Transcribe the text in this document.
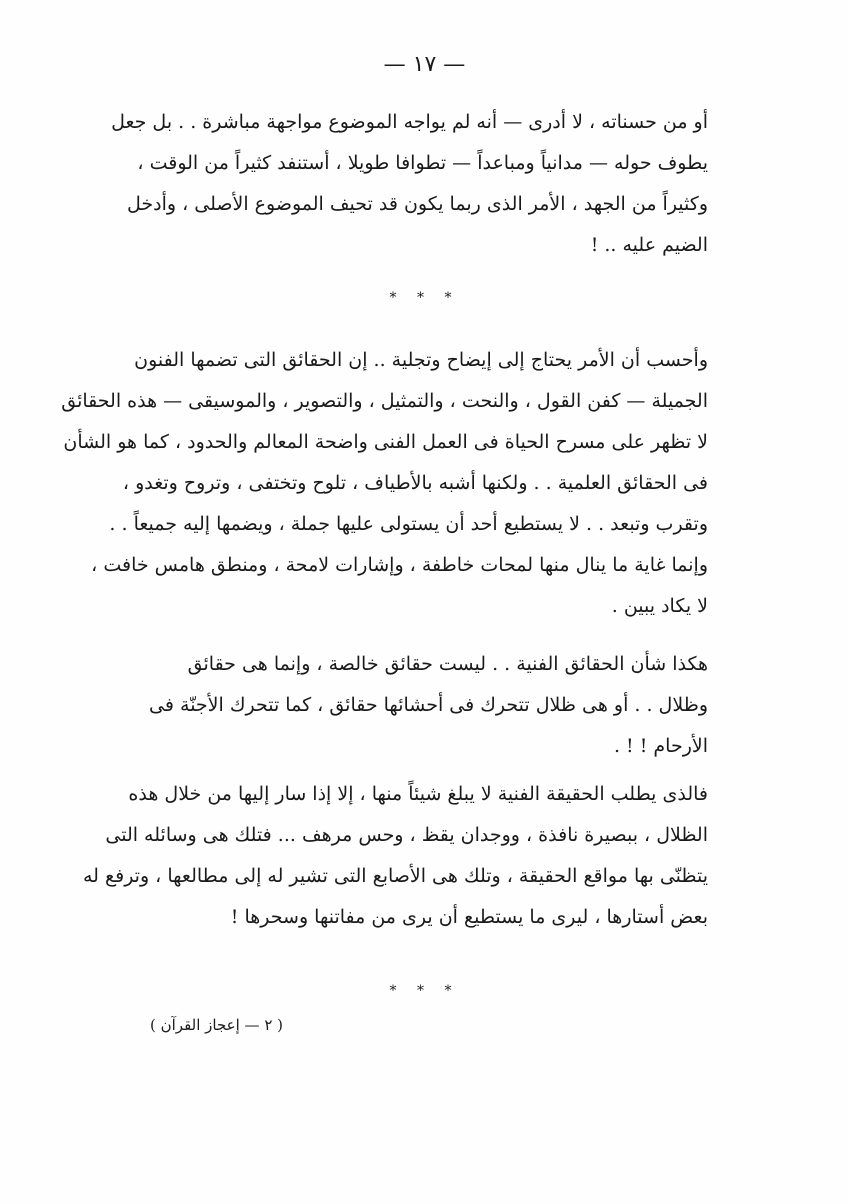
— ١٧ —

أو من حسناته ، لا أدرى — أنه لم يواجه الموضوع مواجهة مباشرة . . بل جعل
يطوف حوله — مدانياً ومباعداً — تطوافا طويلا ، أستنفد كثيراً من الوقت ،
وكثيراً من الجهد ، الأمر الذى ربما يكون قد تحيف الموضوع الأصلى ، وأدخل
الضيم عليه .. !

* * *

وأحسب أن الأمر يحتاج إلى إيضاح وتجلية .. إن الحقائق التى تضمها الفنون
الجميلة — كفن القول ، والنحت ، والتمثيل ، والتصوير ، والموسيقى — هذه الحقائق
لا تظهر على مسرح الحياة فى العمل الفنى واضحة المعالم والحدود ، كما هو الشأن
فى الحقائق العلمية . . ولكنها أشبه بالأطياف ، تلوح وتختفى ، وتروح وتغدو ،
وتقرب وتبعد . . لا يستطيع أحد أن يستولى عليها جملة ، ويضمها إليه جميعاً . .
وإنما غاية ما ينال منها لمحات خاطفة ، وإشارات لامحة ، ومنطق هامس خافت ،
لا يكاد يبين .

هكذا شأن الحقائق الفنية . . ليست حقائق خالصة ، وإنما هى حقائق
وظلال . . أو هى ظلال تتحرك فى أحشائها حقائق ، كما تتحرك الأجنّة فى
الأرحام ! ! .

فالذى يطلب الحقيقة الفنية لا يبلغ شيئاً منها ، إلا إذا سار إليها من خلال هذه
الظلال ، ببصيرة نافذة ، ووجدان يقظ ، وحس مرهف ... فتلك هى وسائله التى
يتظنّى بها مواقع الحقيقة ، وتلك هى الأصابع التى تشير له إلى مطالعها ، وترفع له
بعض أستارها ، ليرى ما يستطيع أن يرى من مفاتنها وسحرها !

* * *
( ٢ — إعجاز القرآن )
